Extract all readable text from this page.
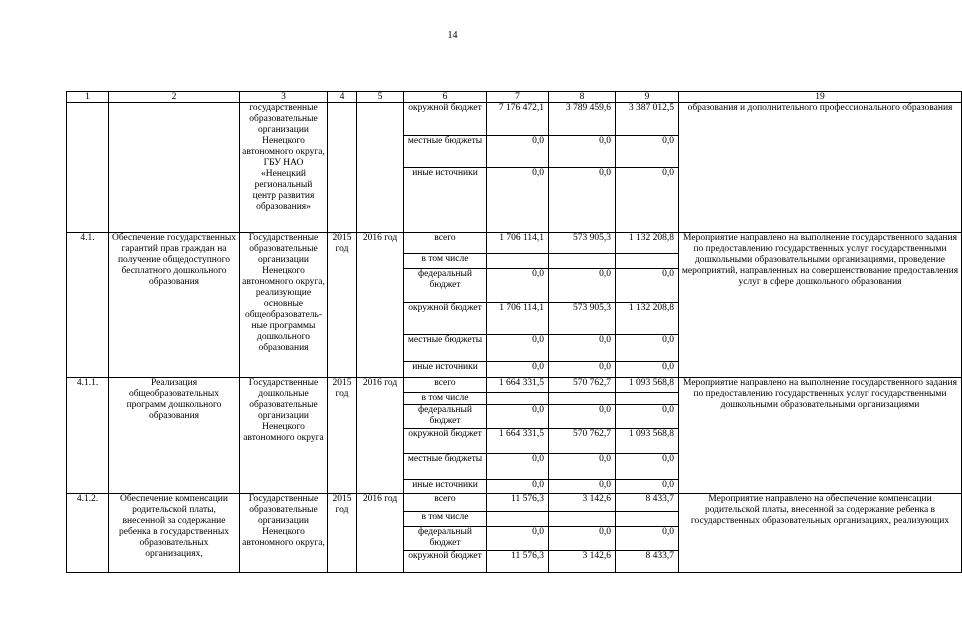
14
1	2	3	4	5	6	7	8	9	19
		государственные образовательные организации Ненецкого автономного округа, ГБУ НАО «Ненецкий региональный центр развития образования»			окружной бюджет	7 176 472,1	3 789 459,6	3 387 012,5	образования и дополнительного профессионального образования
					местные бюджеты	0,0	0,0	0,0	
					иные источники	0,0	0,0	0,0	
4.1.	Обеспечение государственных гарантий прав граждан на получение общедоступного бесплатного дошкольного образования	Государственные образовательные организации Ненецкого автономного округа, реализующие основные общеобразователь-ные программы дошкольного образования	2015 год	2016 год	всего	1 706 114,1	573 905,3	1 132 208,8	Мероприятие направлено на выполнение государственного задания по предоставлению государственных услуг государственными дошкольными образовательными организациями, проведение мероприятий, направленных на совершенствование предоставления услуг в сфере дошкольного образования
					в том числе				
					федеральный бюджет	0,0	0,0	0,0	
					окружной бюджет	1 706 114,1	573 905,3	1 132 208,8	
					местные бюджеты	0,0	0,0	0,0	
					иные источники	0,0	0,0	0,0	
4.1.1.	Реализация общеобразовательных программ дошкольного образования	Государственные дошкольные образовательные организации Ненецкого автономного округа	2015 год	2016 год	всего	1 664 331,5	570 762,7	1 093 568,8	Мероприятие направлено на выполнение государственного задания по предоставлению государственных услуг государственными дошкольными образовательными организациями
					в том числе				
					федеральный бюджет	0,0	0,0	0,0	
					окружной бюджет	1 664 331,5	570 762,7	1 093 568,8	
					местные бюджеты	0,0	0,0	0,0	
					иные источники	0,0	0,0	0,0	
4.1.2.	Обеспечение компенсации родительской платы, внесенной за содержание ребенка в государственных образовательных организациях,	Государственные образовательные организации Ненецкого автономного округа,	2015 год	2016 год	всего	11 576,3	3 142,6	8 433,7	Мероприятие направлено на обеспечение компенсации родительской платы, внесенной за содержание ребенка в государственных образовательных организациях, реализующих
					в том числе				
					федеральный бюджет	0,0	0,0	0,0	
					окружной бюджет	11 576,3	3 142,6	8 433,7	
